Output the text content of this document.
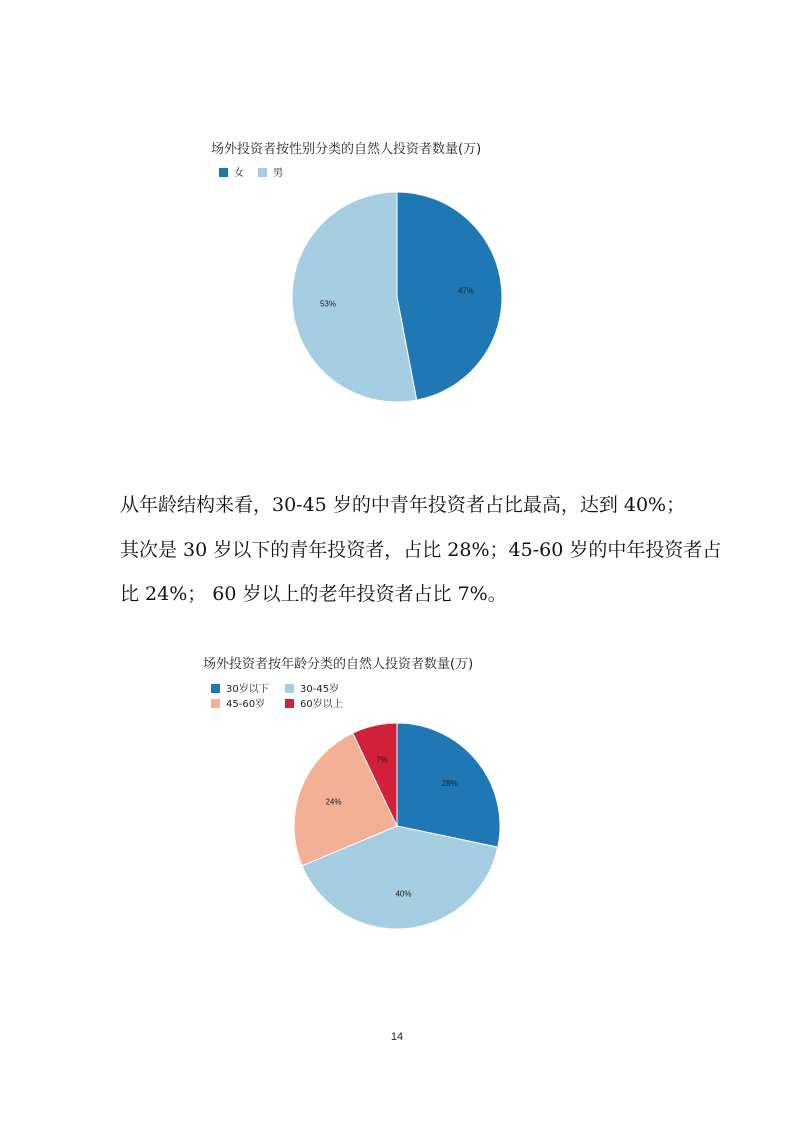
场外投资者按性别分类的自然人投资者数量(万)
女	男
47%
53%
从年龄结构来看，30-45 岁的中青年投资者占比最高，达到 40%；
其次是 30 岁以下的青年投资者，占比 28%；45-60 岁的中年投资者占
比 24%； 60 岁以上的老年投资者占比 7%。
场外投资者按年龄分类的自然人投资者数量(万)
30岁以下	30-45岁
45-60岁	60岁以上
28%
40%
24%
7%
14
